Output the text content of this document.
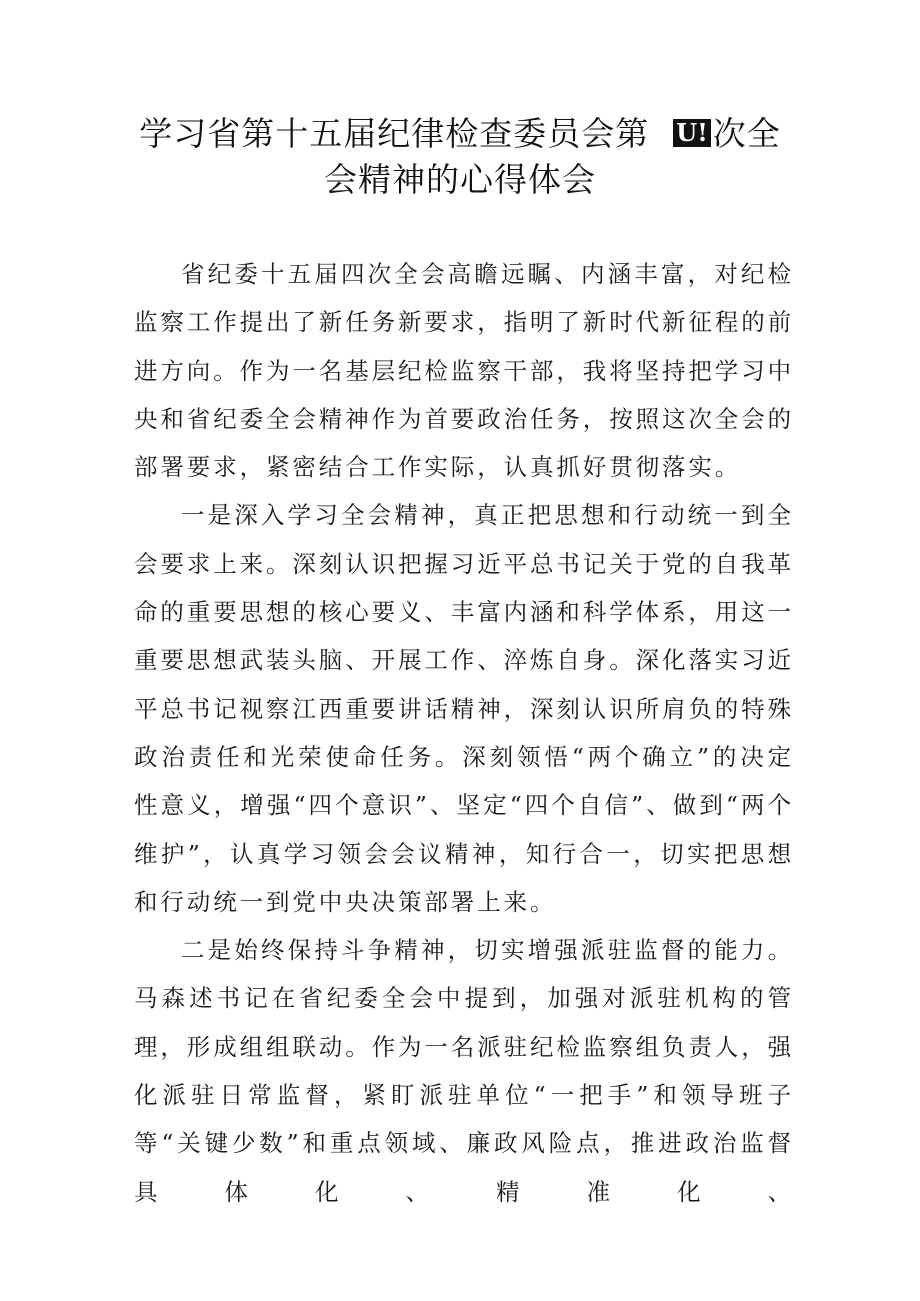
学习省第十五届纪律检查委员会第 U! 次全
会精神的心得体会

省纪委十五届四次全会高瞻远瞩、内涵丰富，对纪检监察工作提出了新任务新要求，指明了新时代新征程的前进方向。作为一名基层纪检监察干部，我将坚持把学习中央和省纪委全会精神作为首要政治任务，按照这次全会的部署要求，紧密结合工作实际，认真抓好贯彻落实。

一是深入学习全会精神，真正把思想和行动统一到全会要求上来。深刻认识把握习近平总书记关于党的自我革命的重要思想的核心要义、丰富内涵和科学体系，用这一重要思想武装头脑、开展工作、淬炼自身。深化落实习近平总书记视察江西重要讲话精神，深刻认识所肩负的特殊政治责任和光荣使命任务。深刻领悟“两个确立”的决定性意义，增强“四个意识”、坚定“四个自信”、做到“两个维护”，认真学习领会会议精神，知行合一，切实把思想和行动统一到党中央决策部署上来。

二是始终保持斗争精神，切实增强派驻监督的能力。马森述书记在省纪委全会中提到，加强对派驻机构的管理，形成组组联动。作为一名派驻纪检监察组负责人，强化派驻日常监督，紧盯派驻单位“一把手”和领导班子等“关键少数”和重点领域、廉政风险点，推进政治监督具体化、精准化、
